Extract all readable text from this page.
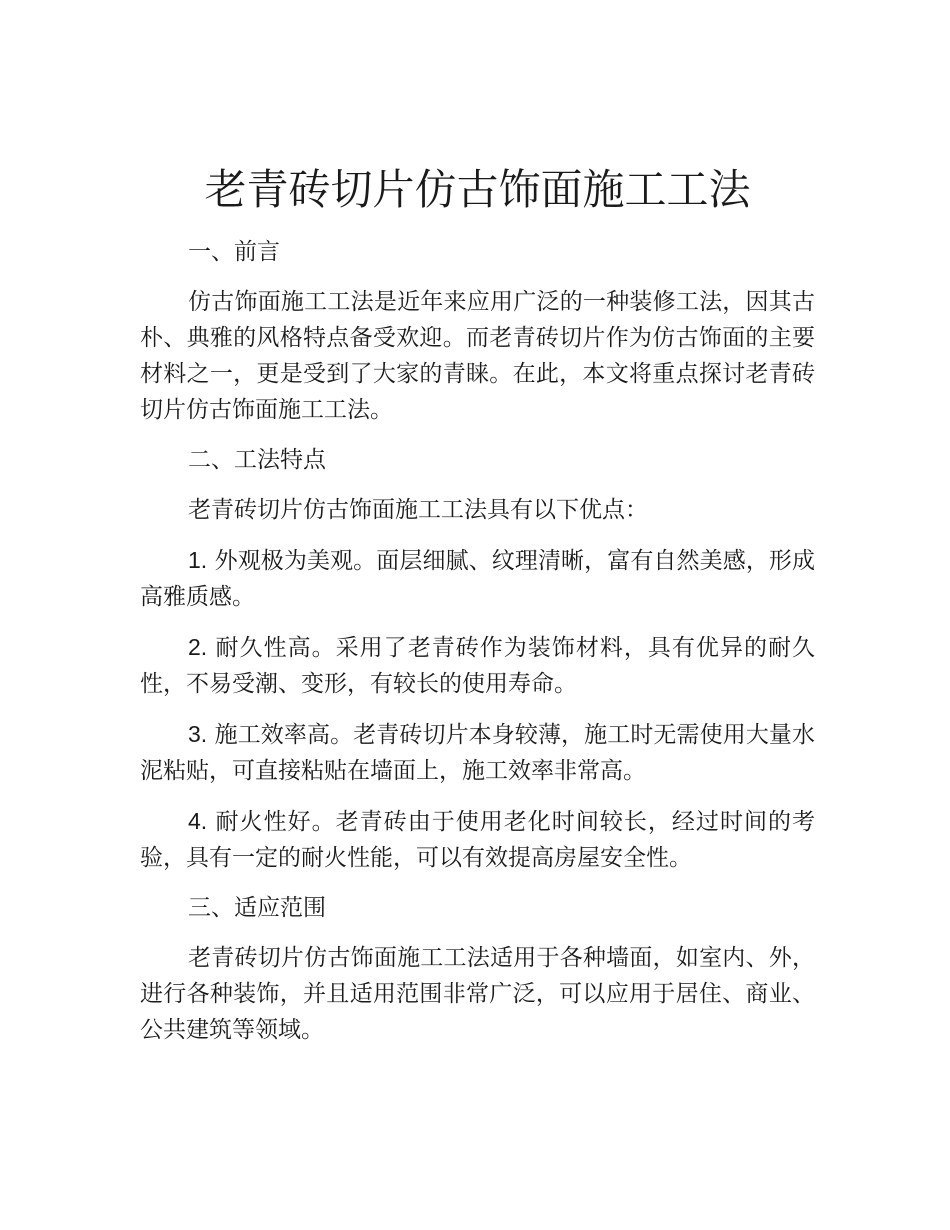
老青砖切片仿古饰面施工工法

一、前言

仿古饰面施工工法是近年来应用广泛的一种装修工法，因其古朴、典雅的风格特点备受欢迎。而老青砖切片作为仿古饰面的主要材料之一，更是受到了大家的青睐。在此，本文将重点探讨老青砖切片仿古饰面施工工法。

二、工法特点

老青砖切片仿古饰面施工工法具有以下优点：

1. 外观极为美观。面层细腻、纹理清晰，富有自然美感，形成高雅质感。

2. 耐久性高。采用了老青砖作为装饰材料，具有优异的耐久性，不易受潮、变形，有较长的使用寿命。

3. 施工效率高。老青砖切片本身较薄，施工时无需使用大量水泥粘贴，可直接粘贴在墙面上，施工效率非常高。

4. 耐火性好。老青砖由于使用老化时间较长，经过时间的考验，具有一定的耐火性能，可以有效提高房屋安全性。

三、适应范围

老青砖切片仿古饰面施工工法适用于各种墙面，如室内、外，进行各种装饰，并且适用范围非常广泛，可以应用于居住、商业、公共建筑等领域。
